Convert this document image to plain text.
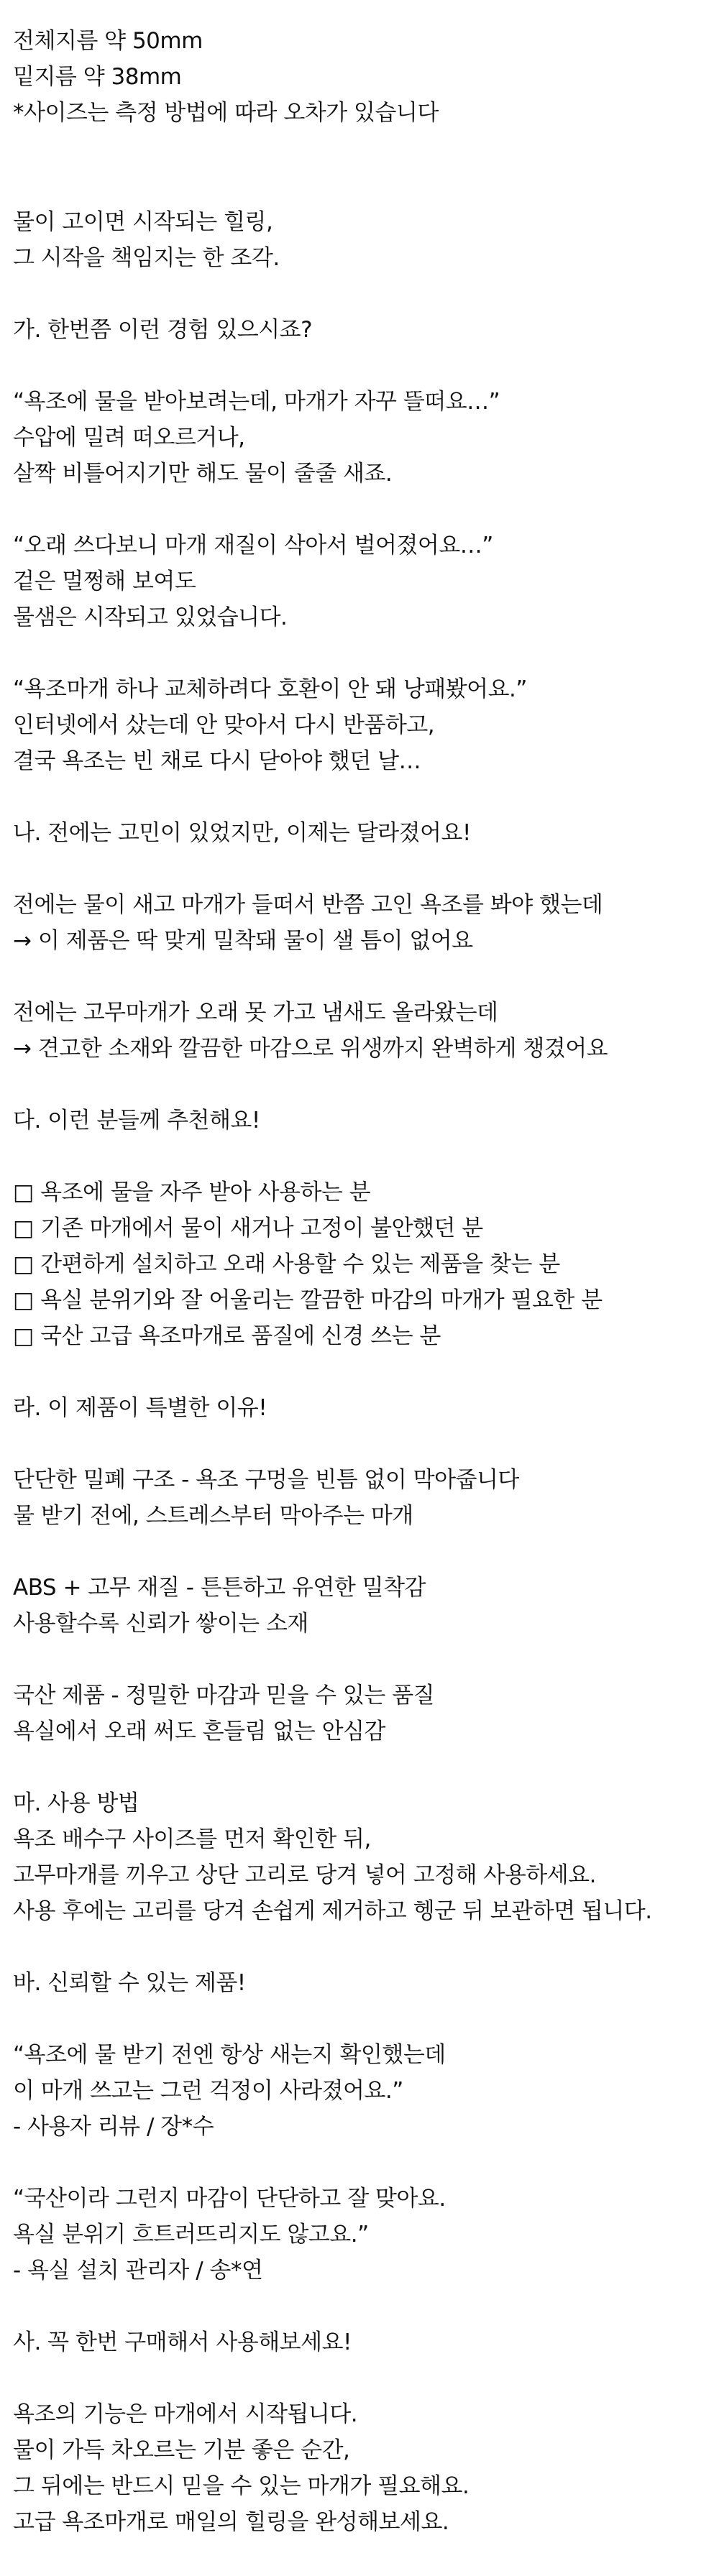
전체지름 약 50mm
밑지름 약 38mm
*사이즈는 측정 방법에 따라 오차가 있습니다
물이 고이면 시작되는 힐링,
그 시작을 책임지는 한 조각.
가. 한번쯤 이런 경험 있으시죠?
“욕조에 물을 받아보려는데, 마개가 자꾸 뜰떠요…”
수압에 밀려 떠오르거나,
살짝 비틀어지기만 해도 물이 줄줄 새죠.
“오래 쓰다보니 마개 재질이 삭아서 벌어졌어요…”
겉은 멀쩡해 보여도
물샘은 시작되고 있었습니다.
“욕조마개 하나 교체하려다 호환이 안 돼 낭패봤어요.”
인터넷에서 샀는데 안 맞아서 다시 반품하고,
결국 욕조는 빈 채로 다시 닫아야 했던 날…
나. 전에는 고민이 있었지만, 이제는 달라졌어요!
전에는 물이 새고 마개가 들떠서 반쯤 고인 욕조를 봐야 했는데
→ 이 제품은 딱 맞게 밀착돼 물이 샐 틈이 없어요
전에는 고무마개가 오래 못 가고 냄새도 올라왔는데
→ 견고한 소재와 깔끔한 마감으로 위생까지 완벽하게 챙겼어요
다. 이런 분들께 추천해요!
□ 욕조에 물을 자주 받아 사용하는 분
□ 기존 마개에서 물이 새거나 고정이 불안했던 분
□ 간편하게 설치하고 오래 사용할 수 있는 제품을 찾는 분
□ 욕실 분위기와 잘 어울리는 깔끔한 마감의 마개가 필요한 분
□ 국산 고급 욕조마개로 품질에 신경 쓰는 분
라. 이 제품이 특별한 이유!
단단한 밀폐 구조 - 욕조 구멍을 빈틈 없이 막아줍니다
물 받기 전에, 스트레스부터 막아주는 마개
ABS + 고무 재질 - 튼튼하고 유연한 밀착감
사용할수록 신뢰가 쌓이는 소재
국산 제품 - 정밀한 마감과 믿을 수 있는 품질
욕실에서 오래 써도 흔들림 없는 안심감
마. 사용 방법
욕조 배수구 사이즈를 먼저 확인한 뒤,
고무마개를 끼우고 상단 고리로 당겨 넣어 고정해 사용하세요.
사용 후에는 고리를 당겨 손쉽게 제거하고 헹군 뒤 보관하면 됩니다.
바. 신뢰할 수 있는 제품!
“욕조에 물 받기 전엔 항상 새는지 확인했는데
이 마개 쓰고는 그런 걱정이 사라졌어요.”
- 사용자 리뷰 / 장*수
“국산이라 그런지 마감이 단단하고 잘 맞아요.
욕실 분위기 흐트러뜨리지도 않고요.”
- 욕실 설치 관리자 / 송*연
사. 꼭 한번 구매해서 사용해보세요!
욕조의 기능은 마개에서 시작됩니다.
물이 가득 차오르는 기분 좋은 순간,
그 뒤에는 반드시 믿을 수 있는 마개가 필요해요.
고급 욕조마개로 매일의 힐링을 완성해보세요.
